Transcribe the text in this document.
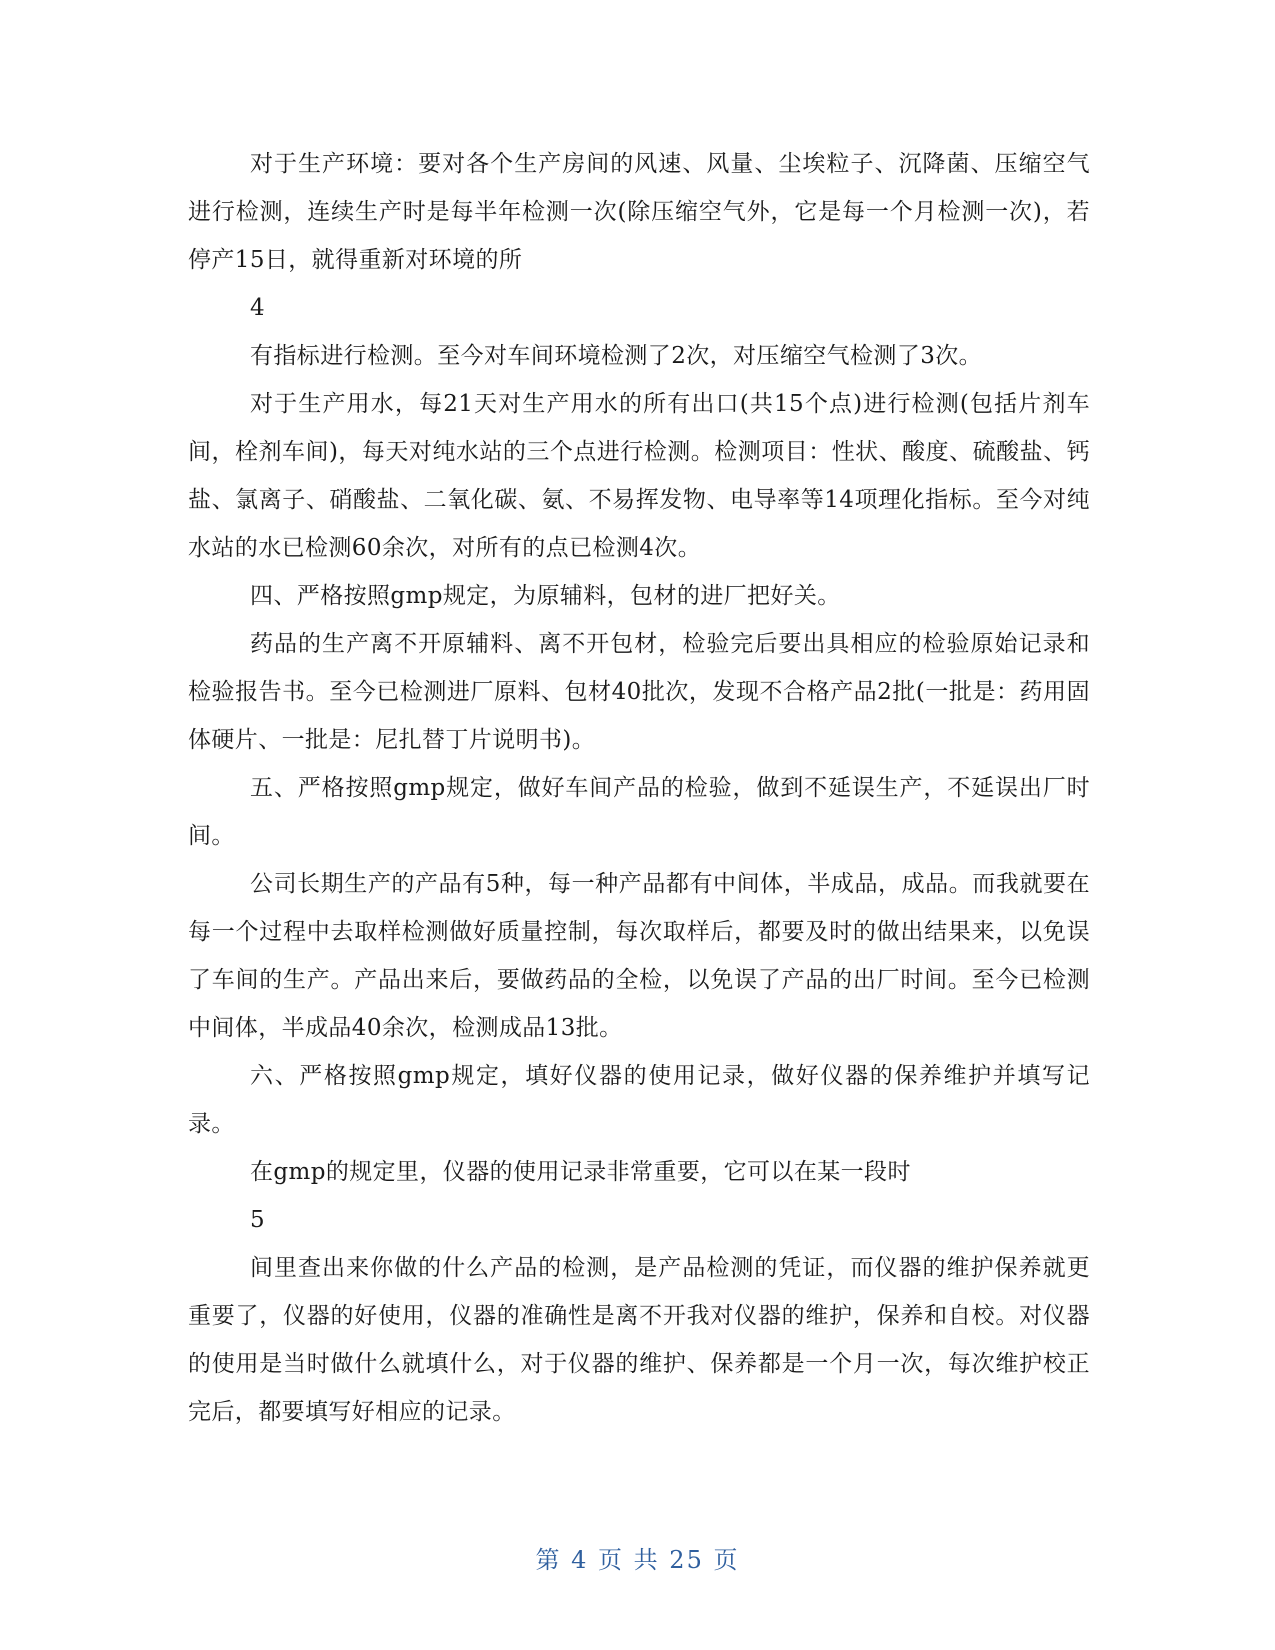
对于生产环境：要对各个生产房间的风速、风量、尘埃粒子、沉降菌、压缩空气进行检测，连续生产时是每半年检测一次(除压缩空气外，它是每一个月检测一次)，若停产15日，就得重新对环境的所

4

有指标进行检测。至今对车间环境检测了2次，对压缩空气检测了3次。

对于生产用水，每21天对生产用水的所有出口(共15个点)进行检测(包括片剂车间，栓剂车间)，每天对纯水站的三个点进行检测。检测项目：性状、酸度、硫酸盐、钙盐、氯离子、硝酸盐、二氧化碳、氨、不易挥发物、电导率等14项理化指标。至今对纯水站的水已检测60余次，对所有的点已检测4次。

四、严格按照gmp规定，为原辅料，包材的进厂把好关。

药品的生产离不开原辅料、离不开包材，检验完后要出具相应的检验原始记录和检验报告书。至今已检测进厂原料、包材40批次，发现不合格产品2批(一批是：药用固体硬片、一批是：尼扎替丁片说明书)。

五、严格按照gmp规定，做好车间产品的检验，做到不延误生产，不延误出厂时间。

公司长期生产的产品有5种，每一种产品都有中间体，半成品，成品。而我就要在每一个过程中去取样检测做好质量控制，每次取样后，都要及时的做出结果来，以免误了车间的生产。产品出来后，要做药品的全检，以免误了产品的出厂时间。至今已检测中间体，半成品40余次，检测成品13批。

六、严格按照gmp规定，填好仪器的使用记录，做好仪器的保养维护并填写记录。

在gmp的规定里，仪器的使用记录非常重要，它可以在某一段时

5

间里查出来你做的什么产品的检测，是产品检测的凭证，而仪器的维护保养就更重要了，仪器的好使用，仪器的准确性是离不开我对仪器的维护，保养和自校。对仪器的使用是当时做什么就填什么，对于仪器的维护、保养都是一个月一次，每次维护校正完后，都要填写好相应的记录。

第 4 页 共 25 页
